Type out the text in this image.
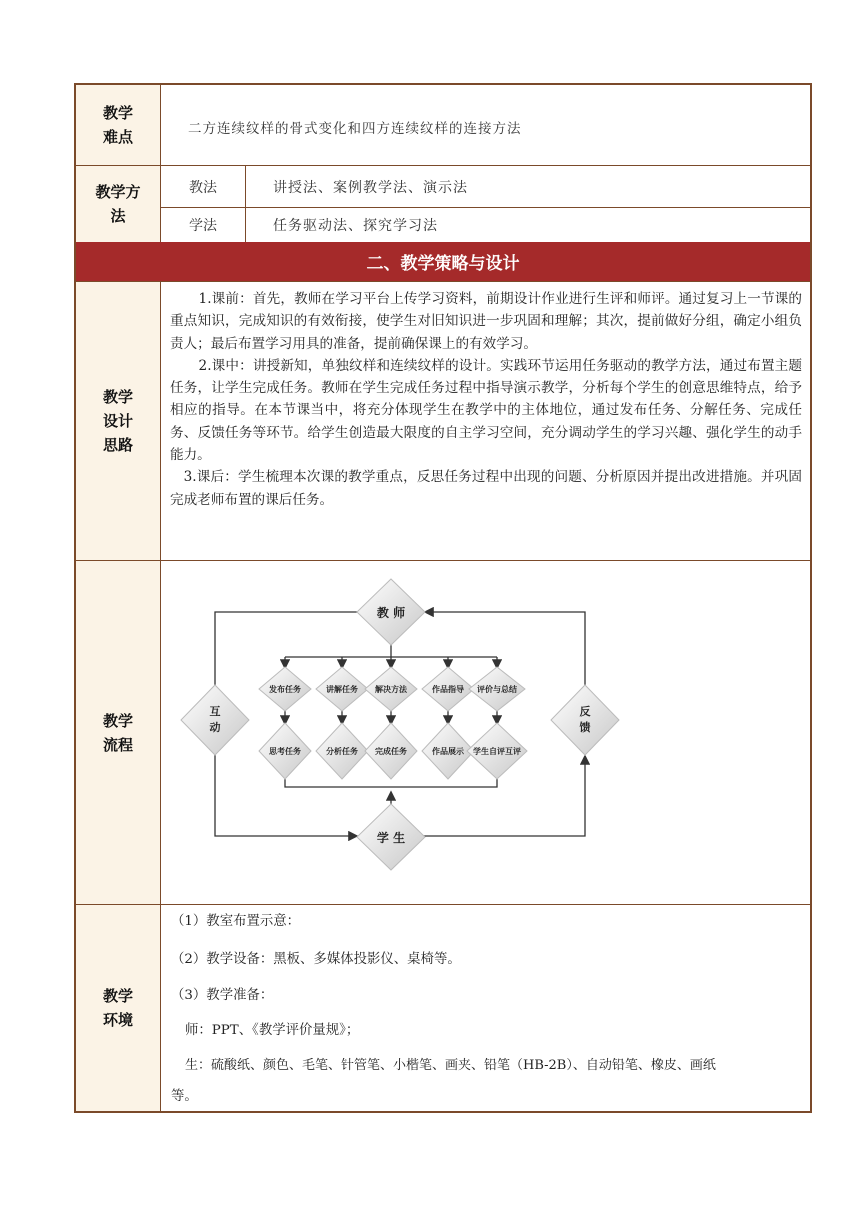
教学
难点	二方连续纹样的骨式变化和四方连续纹样的连接方法
教学方
法
教法	讲授法、案例教学法、演示法
学法	任务驱动法、探究学习法
二、教学策略与设计
教学
设计
思路

1.课前：首先，教师在学习平台上传学习资料，前期设计作业进行生评和师评。通过复习上一节课的重点知识，完成知识的有效衔接，使学生对旧知识进一步巩固和理解；其次，提前做好分组，确定小组负责人；最后布置学习用具的准备，提前确保课上的有效学习。

2.课中：讲授新知，单独纹样和连续纹样的设计。实践环节运用任务驱动的教学方法，通过布置主题任务，让学生完成任务。教师在学生完成任务过程中指导演示教学，分析每个学生的创意思维特点，给予相应的指导。在本节课当中，将充分体现学生在教学中的主体地位，通过发布任务、分解任务、完成任务、反馈任务等环节。给学生创造最大限度的自主学习空间，充分调动学生的学习兴趣、强化学生的动手能力。

3.课后：学生梳理本次课的教学重点，反思任务过程中出现的问题、分析原因并提出改进措施。并巩固完成老师布置的课后任务。

教学
流程
教 师
学 生
互
动
反
馈
发布任务	讲解任务 解决方法	作品指导 评价与总结
思考任务	分析任务 完成任务	作品展示 学生自评互评
教学
环境
（1）教室布置示意：
（2）教学设备：黑板、多媒体投影仪、桌椅等。
（3）教学准备：
师：PPT、《教学评价量规》；
生：硫酸纸、颜色、毛笔、针管笔、小楷笔、画夹、铅笔（HB-2B）、自动铅笔、橡皮、画纸
等。
